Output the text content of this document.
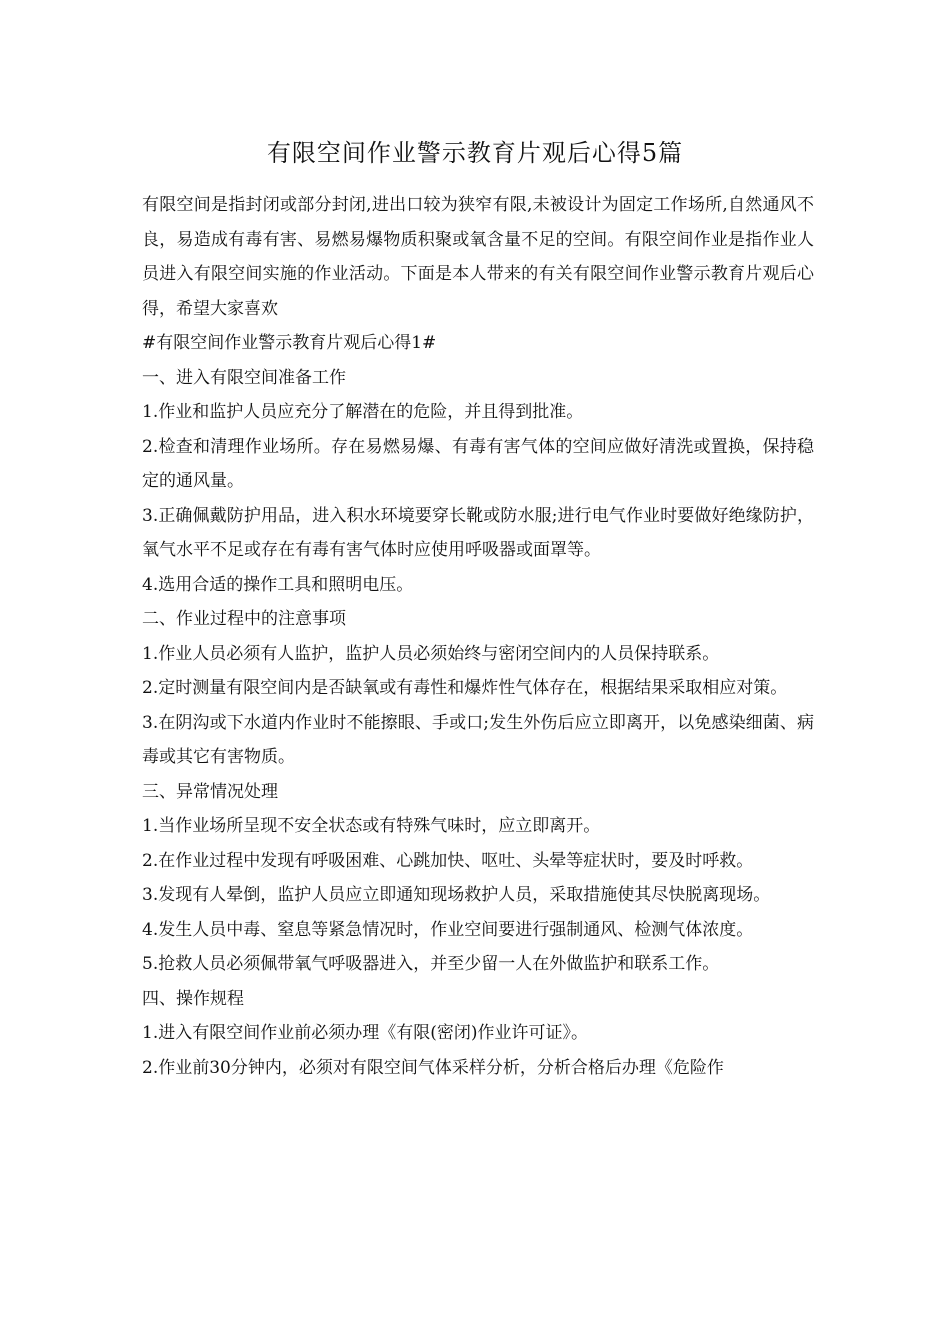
有限空间作业警示教育片观后心得5篇

有限空间是指封闭或部分封闭,进出口较为狭窄有限,未被设计为固定工作场所,自然通风不良，易造成有毒有害、易燃易爆物质积聚或氧含量不足的空间。有限空间作业是指作业人员进入有限空间实施的作业活动。下面是本人带来的有关有限空间作业警示教育片观后心得，希望大家喜欢

#有限空间作业警示教育片观后心得1#

一、进入有限空间准备工作

1.作业和监护人员应充分了解潜在的危险，并且得到批准。

2.检查和清理作业场所。存在易燃易爆、有毒有害气体的空间应做好清洗或置换，保持稳定的通风量。

3.正确佩戴防护用品，进入积水环境要穿长靴或防水服;进行电气作业时要做好绝缘防护，氧气水平不足或存在有毒有害气体时应使用呼吸器或面罩等。

4.选用合适的操作工具和照明电压。

二、作业过程中的注意事项

1.作业人员必须有人监护，监护人员必须始终与密闭空间内的人员保持联系。

2.定时测量有限空间内是否缺氧或有毒性和爆炸性气体存在，根据结果采取相应对策。

3.在阴沟或下水道内作业时不能擦眼、手或口;发生外伤后应立即离开，以免感染细菌、病毒或其它有害物质。

三、异常情况处理

1.当作业场所呈现不安全状态或有特殊气味时，应立即离开。

2.在作业过程中发现有呼吸困难、心跳加快、呕吐、头晕等症状时，要及时呼救。

3.发现有人晕倒，监护人员应立即通知现场救护人员，采取措施使其尽快脱离现场。

4.发生人员中毒、窒息等紧急情况时，作业空间要进行强制通风、检测气体浓度。

5.抢救人员必须佩带氧气呼吸器进入，并至少留一人在外做监护和联系工作。

四、操作规程

1.进入有限空间作业前必须办理《有限(密闭)作业许可证》。

2.作业前30分钟内，必须对有限空间气体采样分析，分析合格后办理《危险作
